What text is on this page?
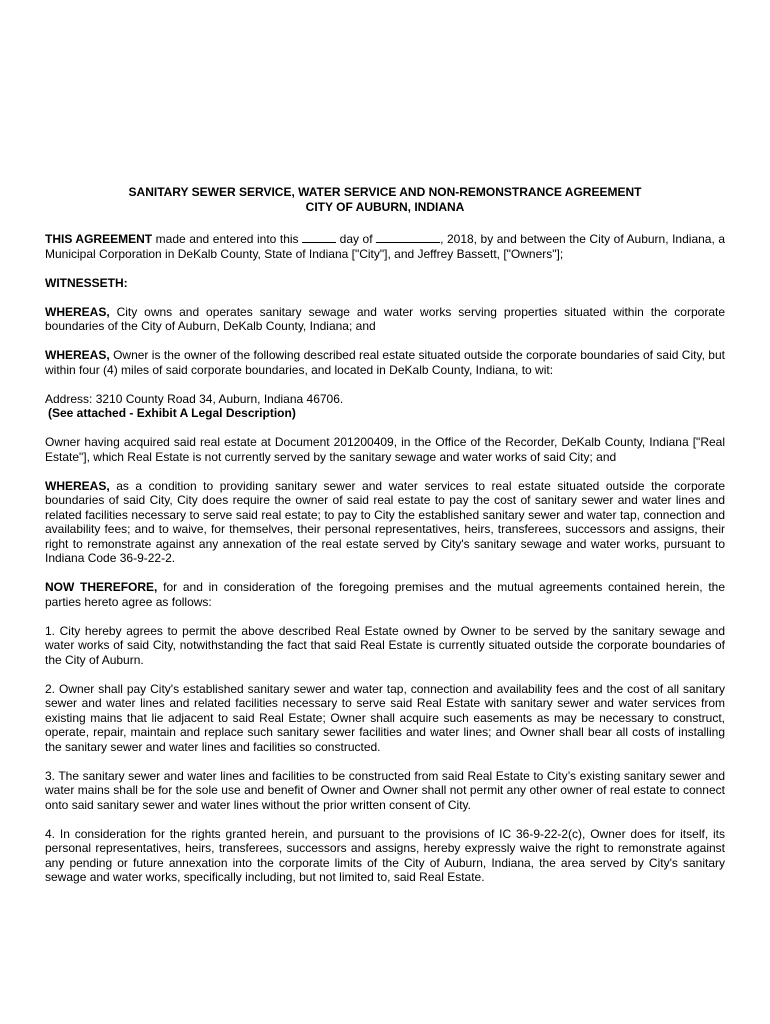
SANITARY SEWER SERVICE, WATER SERVICE AND NON-REMONSTRANCE AGREEMENT
CITY OF AUBURN, INDIANA

THIS AGREEMENT made and entered into this	day of	, 2018, by and between the City of Auburn, Indiana, a Municipal Corporation in DeKalb County, State of Indiana ["City"], and Jeffrey Bassett, ["Owners"];

WITNESSETH:

WHEREAS, City owns and operates sanitary sewage and water works serving properties situated within the corporate boundaries of the City of Auburn, DeKalb County, Indiana; and

WHEREAS, Owner is the owner of the following described real estate situated outside the corporate boundaries of said City, but within four (4) miles of said corporate boundaries, and located in DeKalb County, Indiana, to wit:

Address: 3210 County Road 34, Auburn, Indiana 46706.
(See attached - Exhibit A Legal Description)

Owner having acquired said real estate at Document 201200409, in the Office of the Recorder, DeKalb County, Indiana ["Real Estate"], which Real Estate is not currently served by the sanitary sewage and water works of said City; and

WHEREAS, as a condition to providing sanitary sewer and water services to real estate situated outside the corporate boundaries of said City, City does require the owner of said real estate to pay the cost of sanitary sewer and water lines and related facilities necessary to serve said real estate; to pay to City the established sanitary sewer and water tap, connection and availability fees; and to waive, for themselves, their personal representatives, heirs, transferees, successors and assigns, their right to remonstrate against any annexation of the real estate served by City's sanitary sewage and water works, pursuant to Indiana Code 36-9-22-2.

NOW THEREFORE, for and in consideration of the foregoing premises and the mutual agreements contained herein, the parties hereto agree as follows:

1. City hereby agrees to permit the above described Real Estate owned by Owner to be served by the sanitary sewage and water works of said City, notwithstanding the fact that said Real Estate is currently situated outside the corporate boundaries of the City of Auburn.

2. Owner shall pay City's established sanitary sewer and water tap, connection and availability fees and the cost of all sanitary sewer and water lines and related facilities necessary to serve said Real Estate with sanitary sewer and water services from existing mains that lie adjacent to said Real Estate; Owner shall acquire such easements as may be necessary to construct, operate, repair, maintain and replace such sanitary sewer facilities and water lines; and Owner shall bear all costs of installing the sanitary sewer and water lines and facilities so constructed.

3. The sanitary sewer and water lines and facilities to be constructed from said Real Estate to City’s existing sanitary sewer and water mains shall be for the sole use and benefit of Owner and Owner shall not permit any other owner of real estate to connect onto said sanitary sewer and water lines without the prior written consent of City.

4. In consideration for the rights granted herein, and pursuant to the provisions of IC 36-9-22-2(c), Owner does for itself, its personal representatives, heirs, transferees, successors and assigns, hereby expressly waive the right to remonstrate against any pending or future annexation into the corporate limits of the City of Auburn, Indiana, the area served by City's sanitary sewage and water works, specifically including, but not limited to, said Real Estate.
